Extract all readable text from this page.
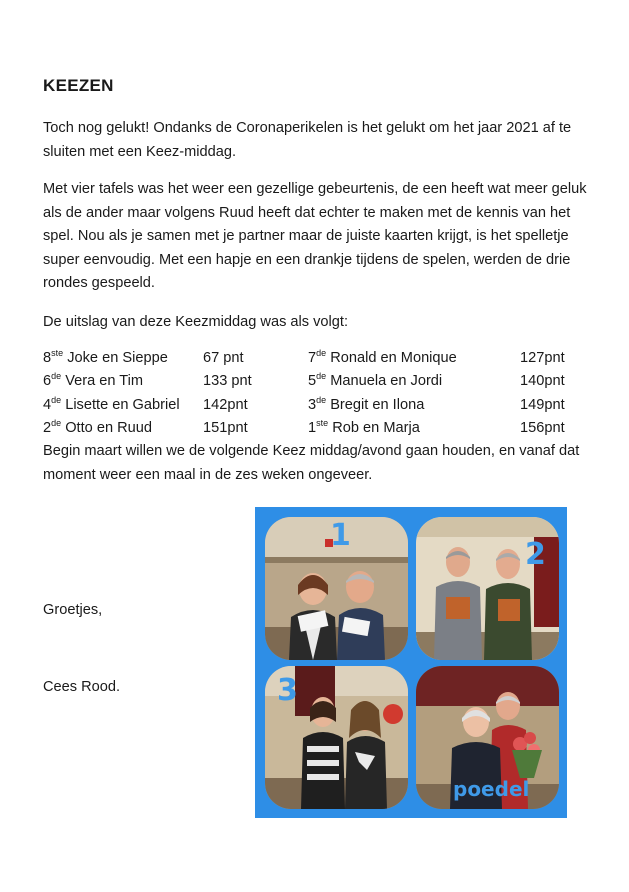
KEEZEN
Toch nog gelukt! Ondanks de Coronaperikelen is het gelukt om het jaar 2021 af te sluiten met een Keez-middag.
Met vier tafels was het weer een gezellige gebeurtenis, de een heeft wat meer geluk als de ander maar volgens Ruud heeft dat echter te maken met de kennis van het spel. Nou als je samen met je partner maar de juiste kaarten krijgt, is het spelletje super eenvoudig. Met een hapje en een drankje tijdens de spelen, werden de drie rondes gespeeld.
De uitslag van deze Keezmiddag was als volgt:
8ste Joke en Sieppe 67 pnt	7de Ronald en Monique	127pnt
6de Vera en Tim	133 pnt	5de Manuela en Jordi	140pnt
4de Lisette en Gabriel 142pnt	3de Bregit en Ilona	149pnt
2de Otto en Ruud	151pnt	1ste Rob en Marja	156pnt
Begin maart willen we de volgende Keez middag/avond gaan houden, en vanaf dat moment weer een maal in de zes weken ongeveer.
Groetjes,
Cees Rood.
1
2
3
poedel
